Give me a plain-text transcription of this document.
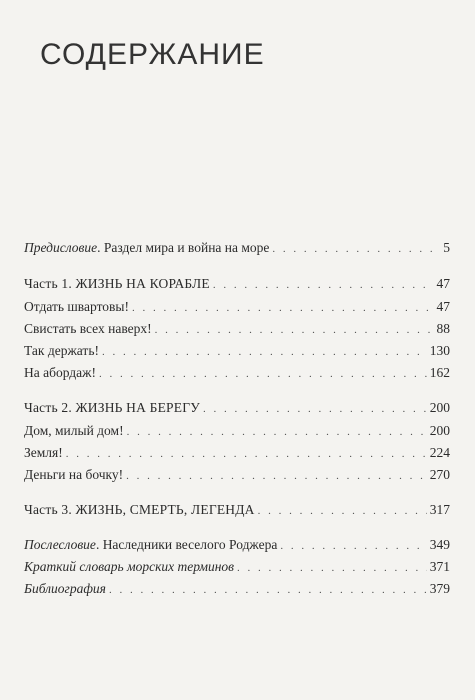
СОДЕРЖАНИЕ
Предисловие. Раздел мира и война на море . . .	5
Часть 1. ЖИЗНЬ НА КОРАБЛЕ . . .	47
Отдать швартовы! . . .	47
Свистать всех наверх! . . .	88
Так держать! . . .	130
На абордаж! . . .	162
Часть 2. ЖИЗНЬ НА БЕРЕГУ . . .	200
Дом, милый дом! . . .	200
Земля! . . .	224
Деньги на бочку! . . .	270
Часть 3. ЖИЗНЬ, СМЕРТЬ, ЛЕГЕНДА . . .	317
Послесловие. Наследники веселого Роджера . . .	349
Краткий словарь морских терминов . . .	371
Библиография . . .	379
